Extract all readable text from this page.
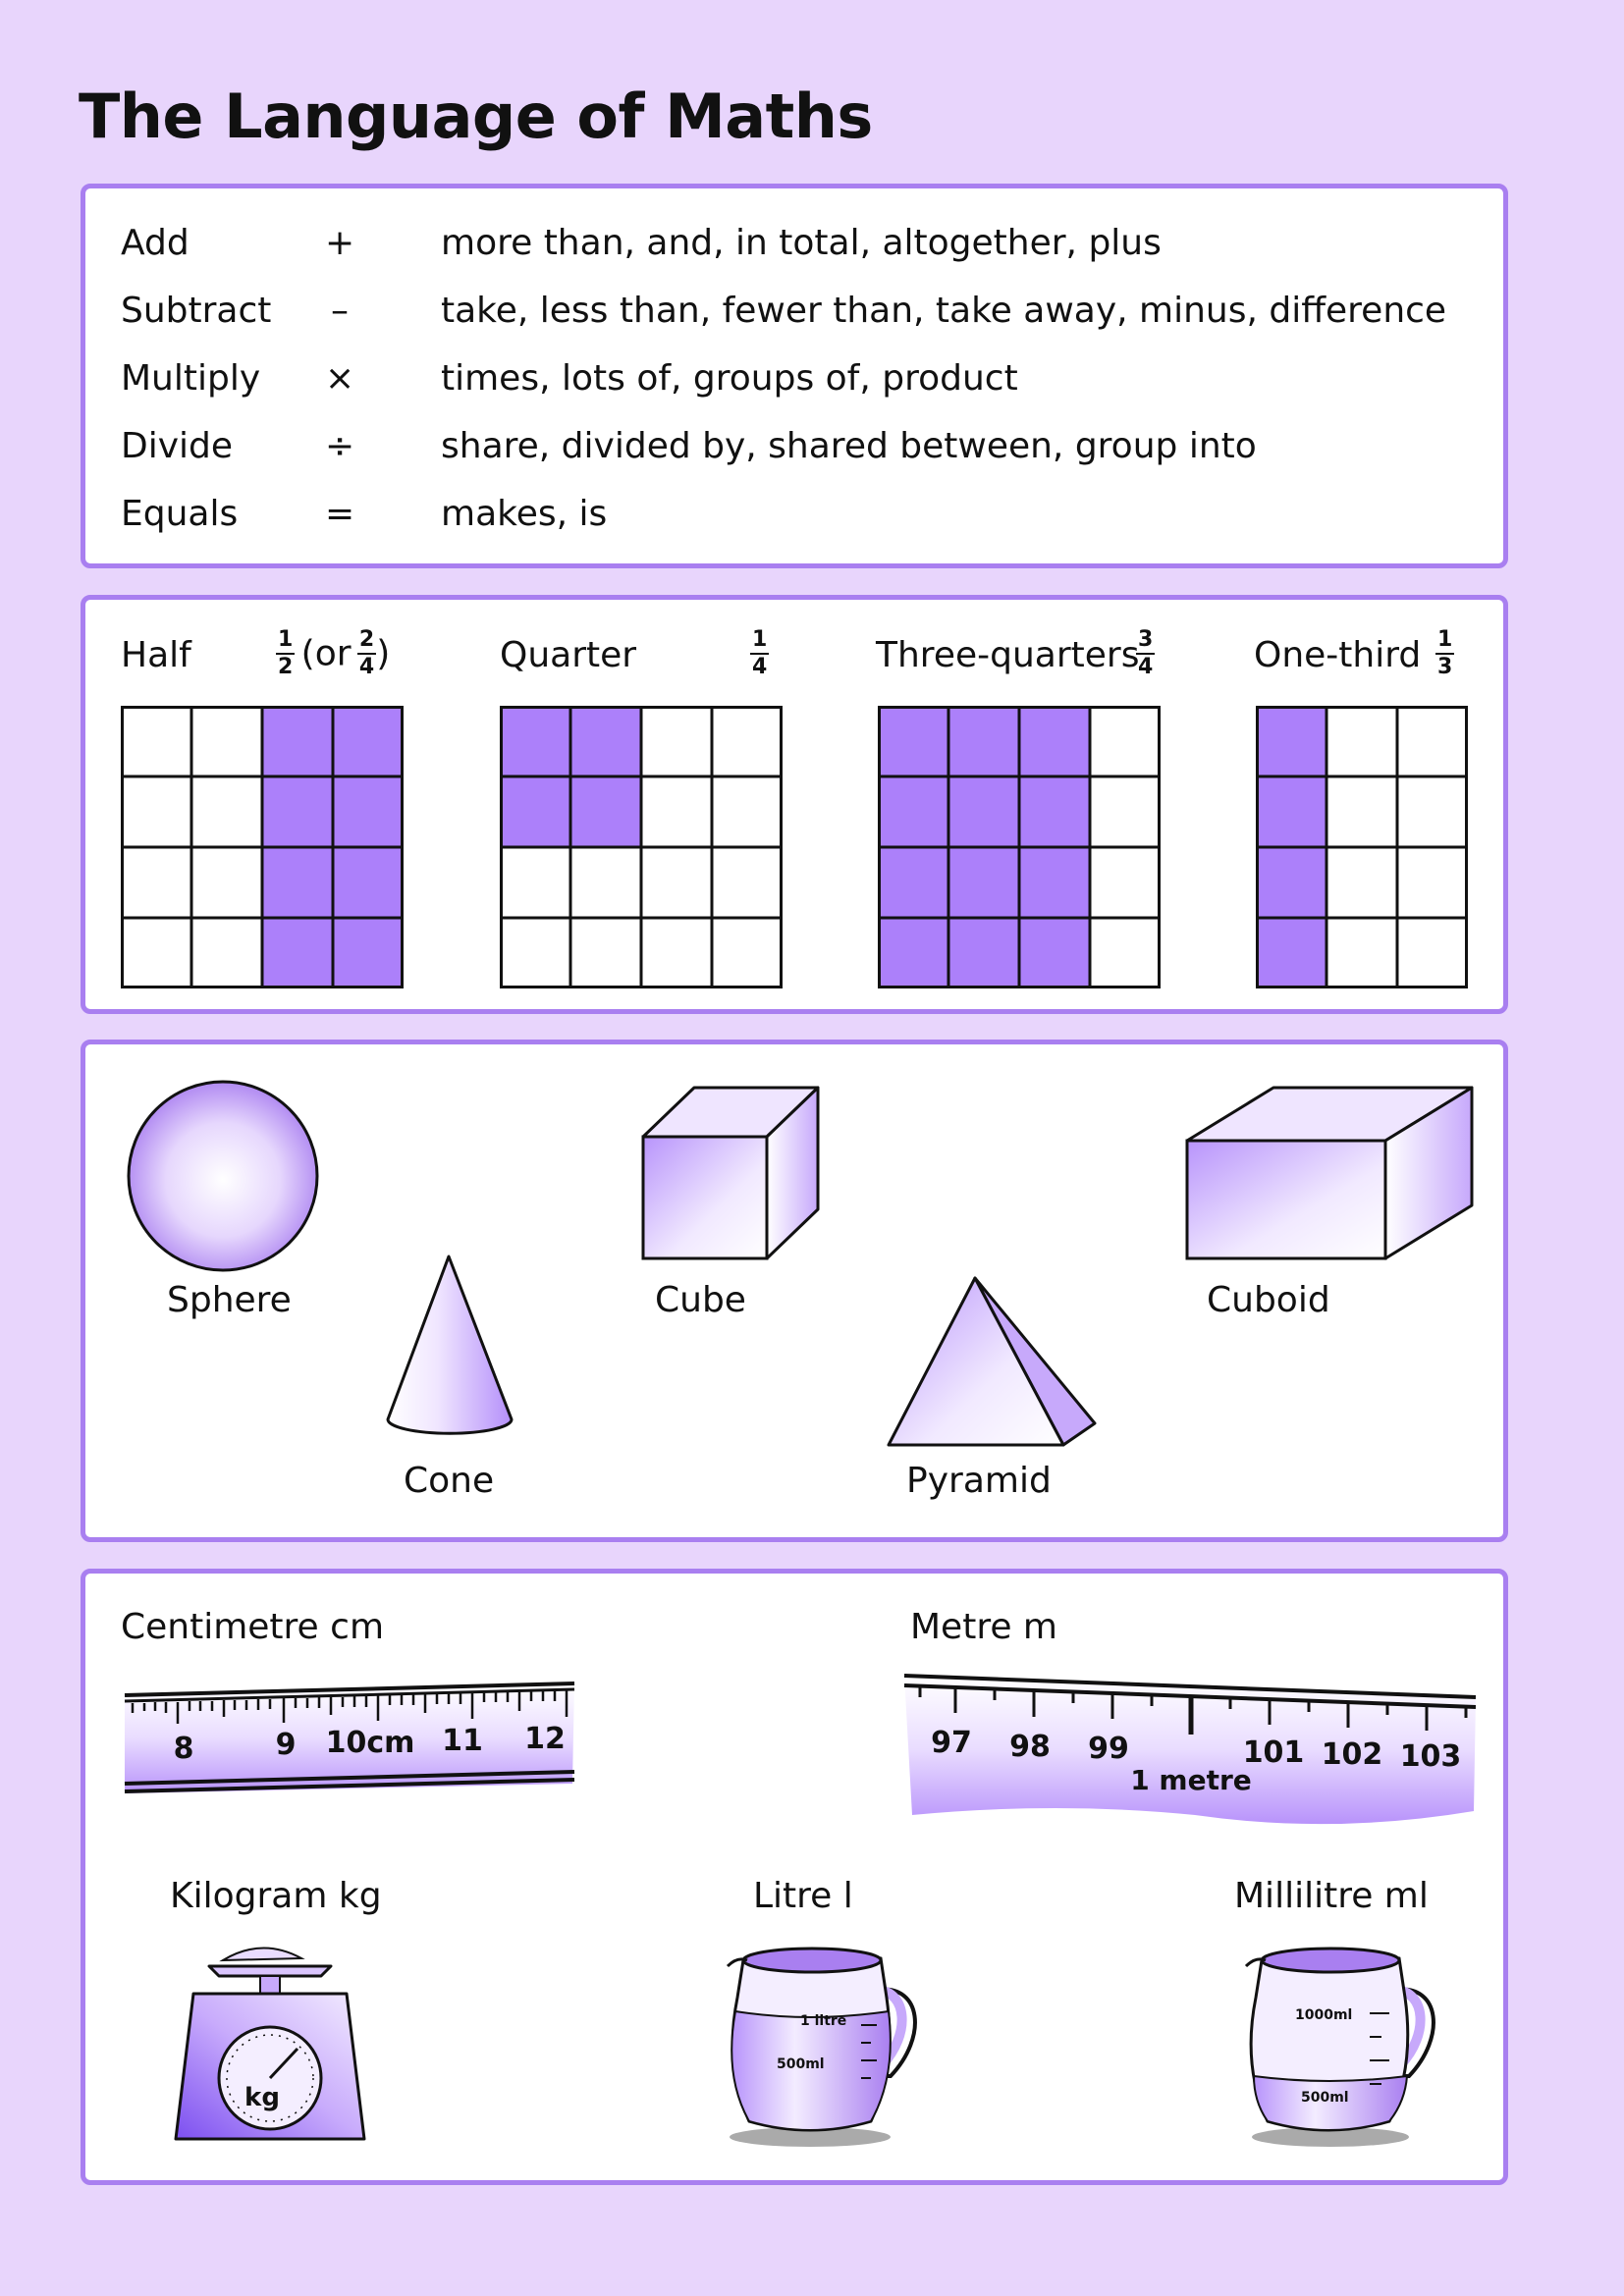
The Language of Maths
Add	+ more than, and, in total, altogether, plus
Subtract –	take, less than, fewer than, take away, minus, difference
Multiply × times, lots of, groups of, product
Divide	÷ share, divided by, shared between, group into
Equals = makes, is
Half	$\frac{1}{2} (or \frac{2}{4}$ )	Quarter	$\frac{1}{4}$	Three-quarters
$\frac{3}{4}$	One-third $\frac{1}{3}$
Sphere
Cone
Cube
Pyramid
Cuboid
Centimetre cm
8	9 10cm 11 12
Metre m
97 98 99	101 102 103
1 metre
Kilogram kg
kg
Litre l
1 litre
500ml
Millilitre ml
1000ml
500ml
